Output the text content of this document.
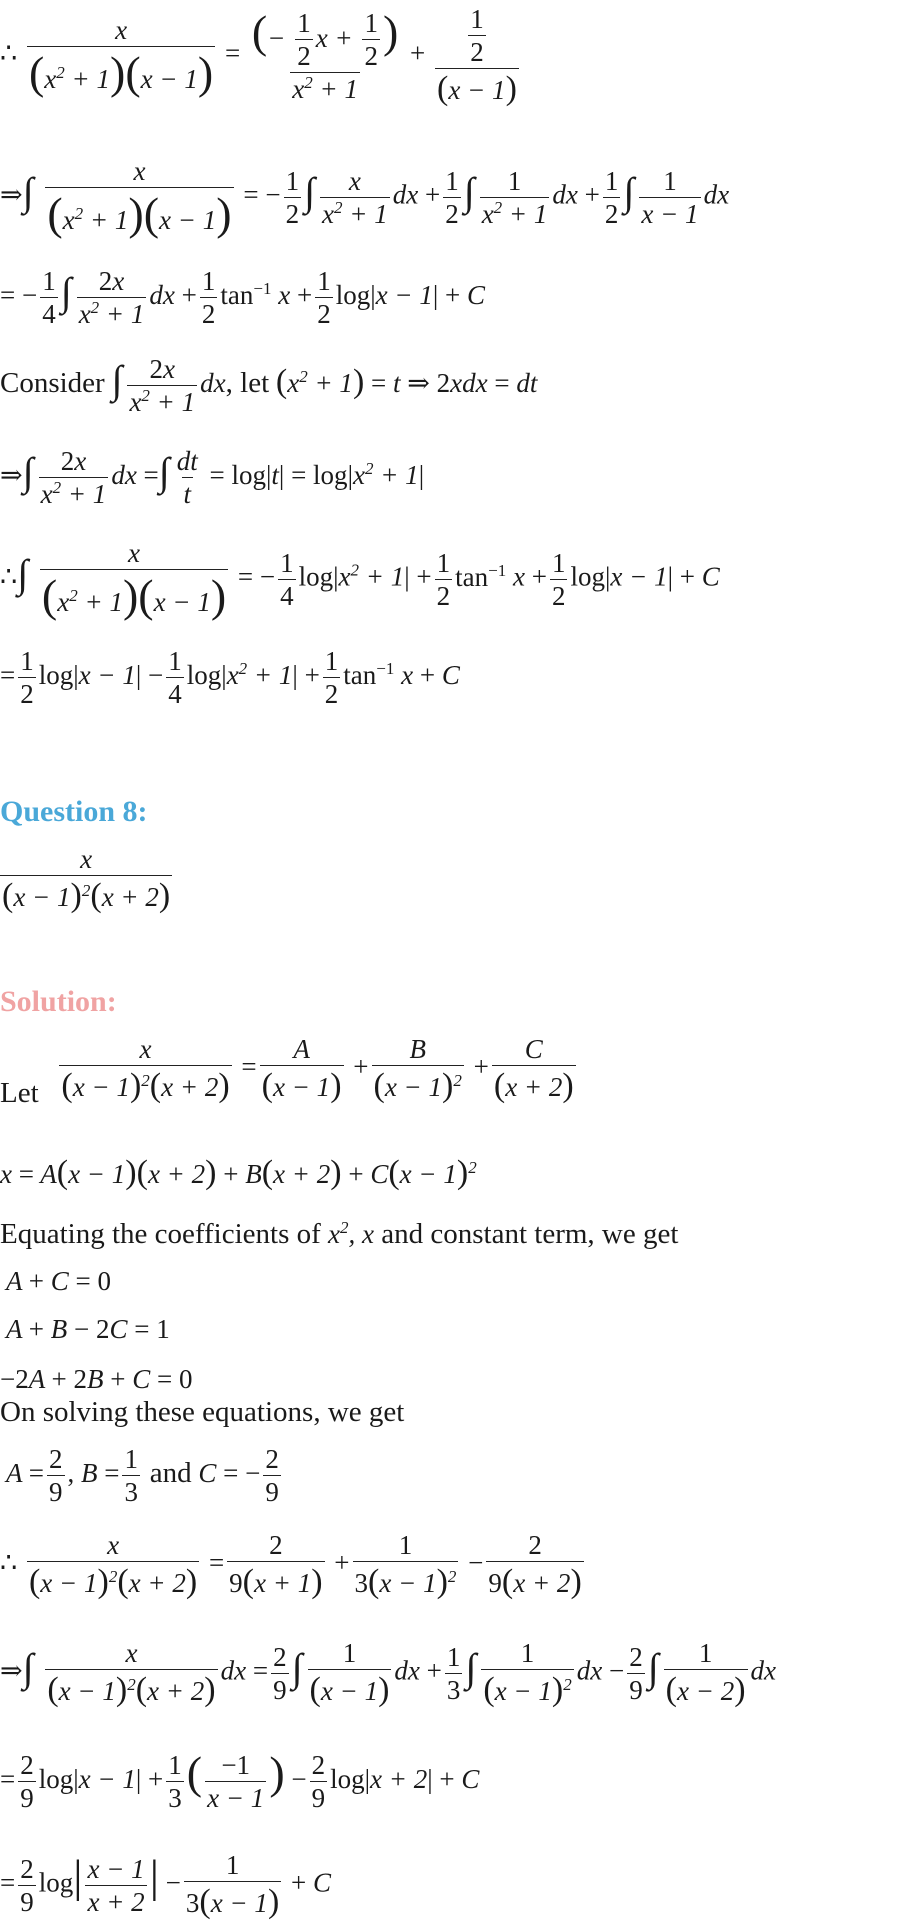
∴ $\frac{x}{(x^2 + 1)(x - 1)} = \frac{(- \frac{1}{2} x + \frac{1}{2} )}{x^2 + 1} + \frac{\frac{1}{2}}{(x - 1)}$
⇒∫ $\frac{x}{(x^2 + 1)(x - 1)}$ = − $\frac{1}{2}$ ∫ $\frac{x}{x^2 + 1}$ dx + $\frac{1}{2}$ ∫ $\frac{1}{x^2 + 1}$ dx + $\frac{1}{2}$ ∫ $\frac{1}{x - 1}$ dx
= − $\frac{1}{4}$ ∫ $\frac{2x}{x^2 + 1}$ dx + $\frac{1}{2} \tan^{-1} x + \frac{1}{2} \log|x - 1| + C$
Consider ∫ $\frac{2x}{x^2 + 1}$ dx, let $(x^2 + 1) = t$ ⇒ 2xdx = dt
⇒∫ $\frac{2x}{x^2 + 1}$ dx =∫ $\frac{dt}{t} = \log|t| = \log|x^2 + 1|$
∴∫ $\frac{x}{(x^2 + 1)(x - 1)}$ = − $\frac{1}{4} \log|x^2 + 1| + \frac{1}{2} \tan^{-1} x + \frac{1}{2} \log|x - 1| + C$
= $\frac{1}{2} \log|x - 1| - \frac{1}{4} \log|x^2 + 1| + \frac{1}{2} \tan^{-1} x + C$
Question 8:
$\frac{x}{(x - 1)^2(x + 2)}$
Solution:
Let $\frac{x}{(x - 1)^2(x + 2)} = \frac{A}{(x - 1)} + \frac{B}{(x - 1)^2} + \frac{C}{(x + 2)}$
$x = A(x - 1)(x + 2) + B(x + 2) + C(x - 1)^2$
Equating the coefficients of $x^2$, x and constant term, we get
A + C = 0
A + B − 2C = 1
−2A + 2B + C = 0
On solving these equations, we get
$A = \frac{2}{9}$ , $B = \frac{1}{3}$ and C = − $\frac{2}{9}$
∴ $\frac{x}{(x - 1)^2(x + 2)} = \frac{2}{9(x + 1)} + \frac{1}{3(x - 1)^2} - \frac{2}{9(x + 2)}$
⇒∫ $\frac{x}{(x - 1)^2(x + 2)}$ dx = $\frac{2}{9}$ ∫ $\frac{1}{(x - 1)}$ dx + $\frac{1}{3}$ ∫ $\frac{1}{(x - 1)^2}$ dx − $\frac{2}{9}$ ∫ $\frac{1}{(x - 2)}$ dx
= $\frac{2}{9} \log|x - 1| + \frac{1}{3}$ ( $\frac{-1}{x - 1}$ ) − $\frac{2}{9} \log|x + 2| + C$
= $\frac{2}{9} \log| \frac{x - 1}{x + 2}$ | − $\frac{1}{3(x - 1)} + C$
